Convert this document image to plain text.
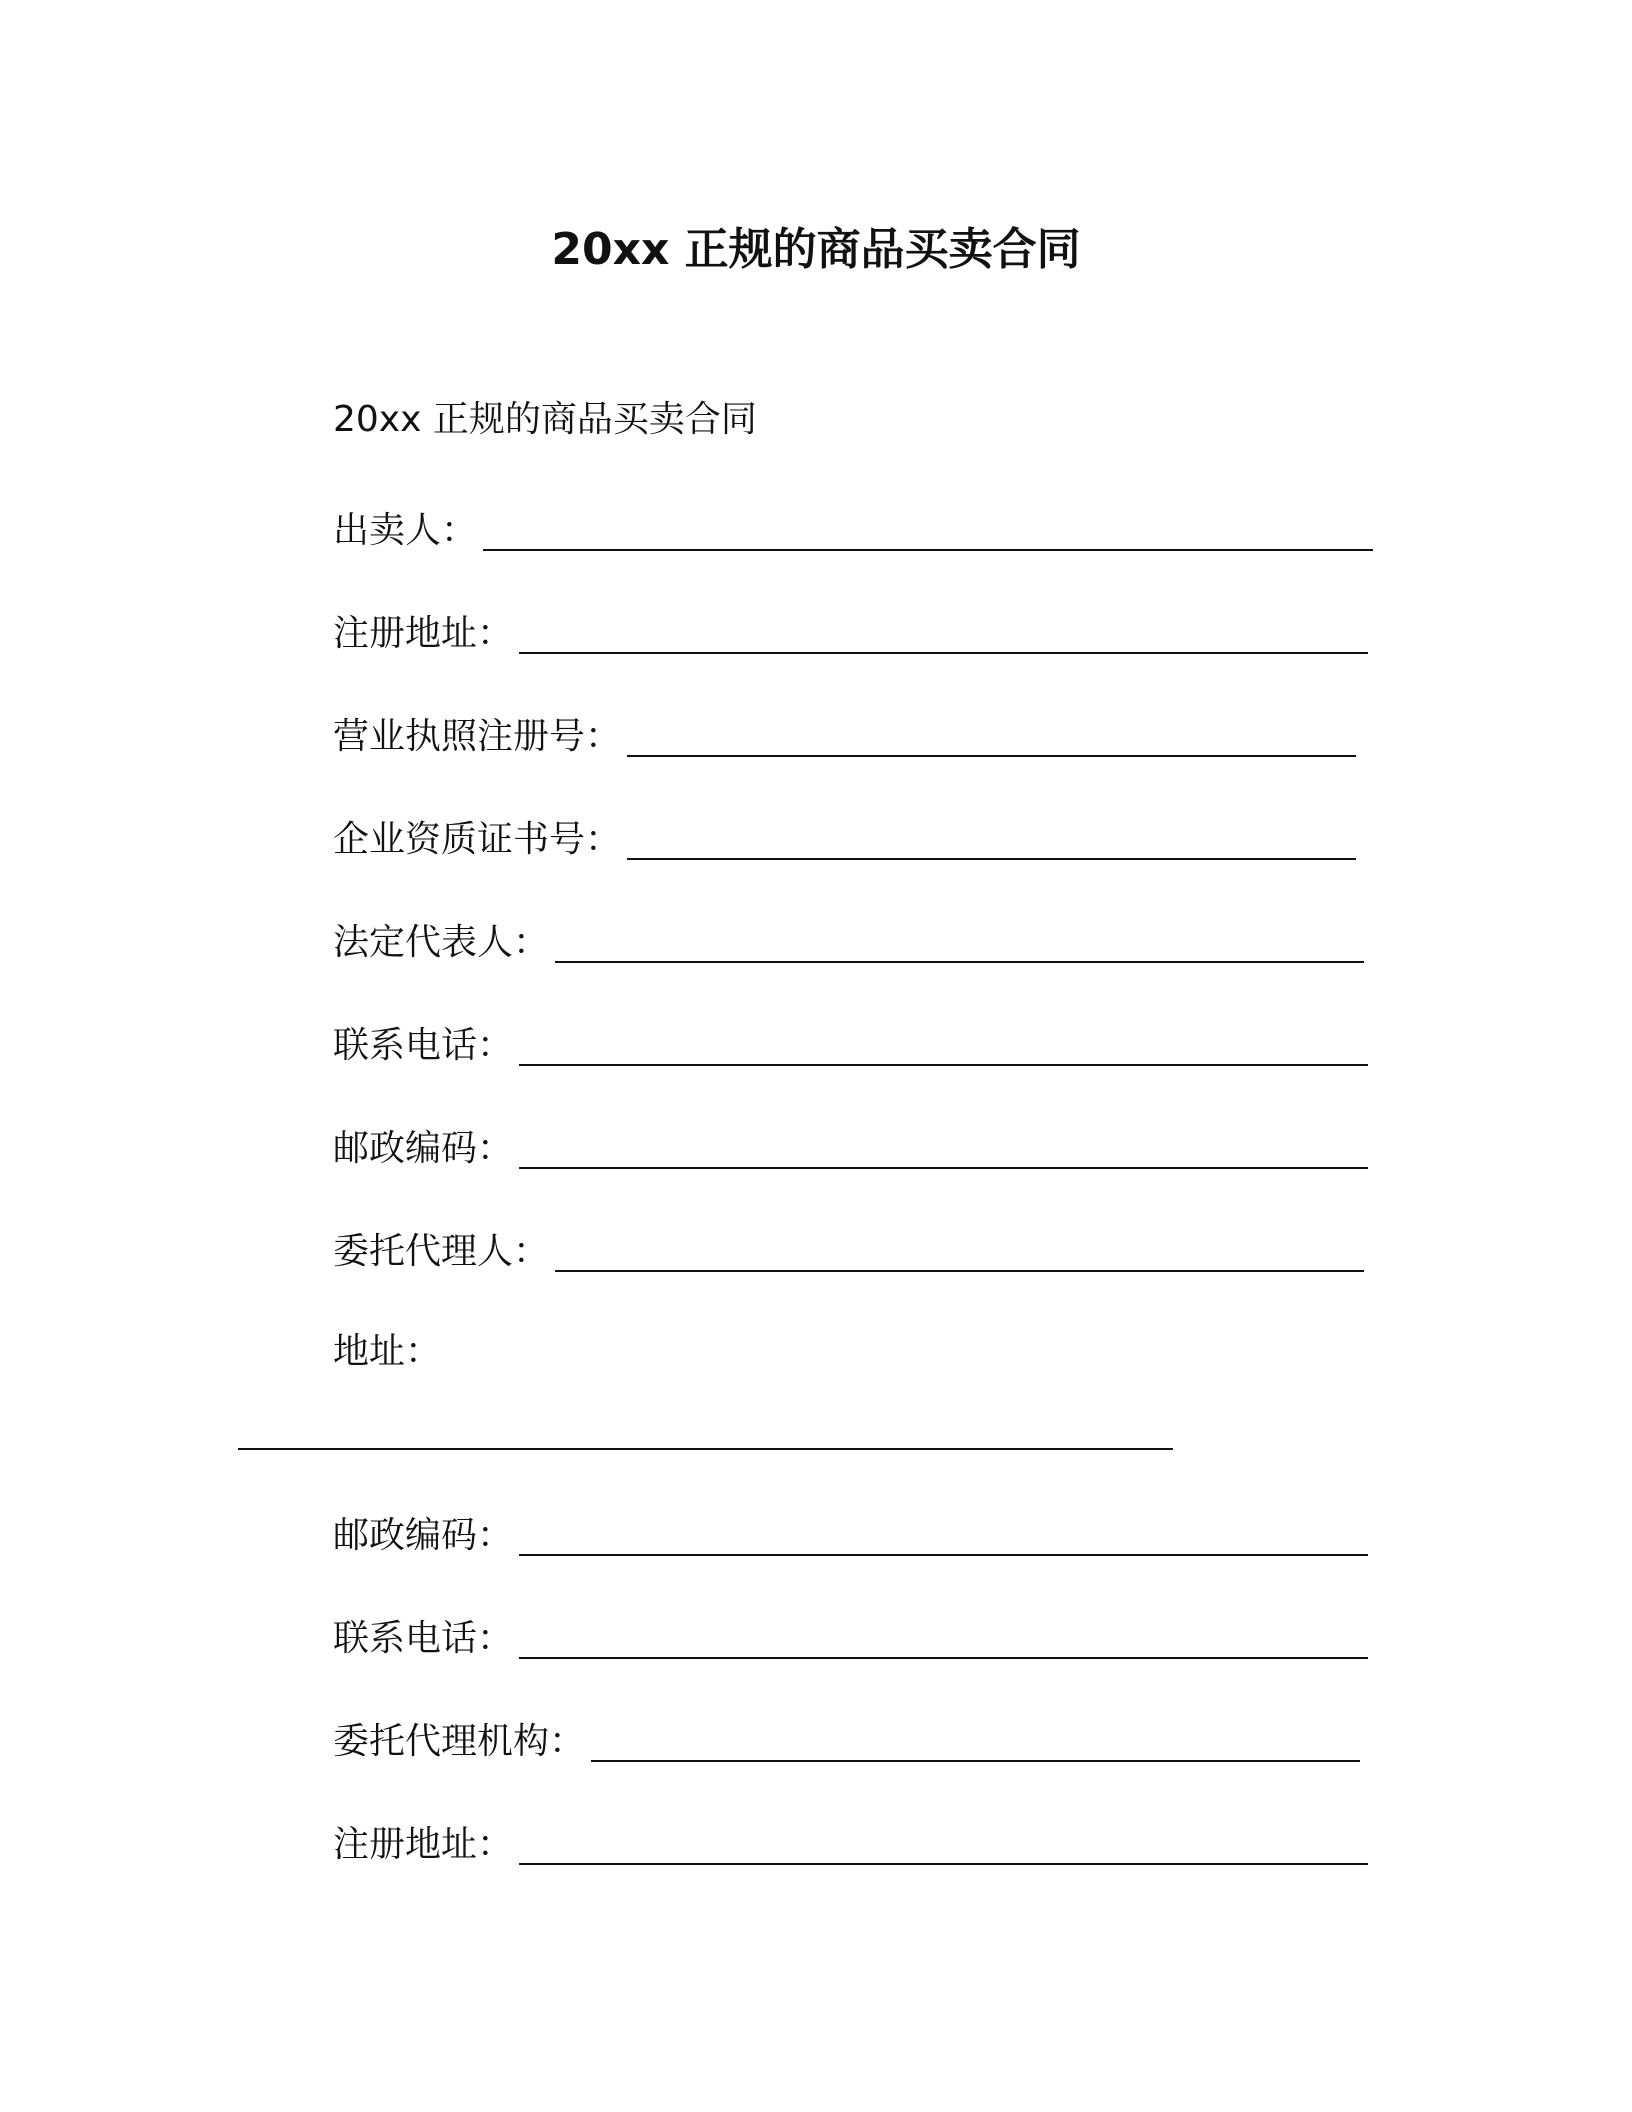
20xx 正规的商品买卖合同
20xx 正规的商品买卖合同
出卖人：
注册地址：
营业执照注册号：
企业资质证书号：
法定代表人：
联系电话：
邮政编码：
委托代理人：
地址：
邮政编码：
联系电话：
委托代理机构：
注册地址：
